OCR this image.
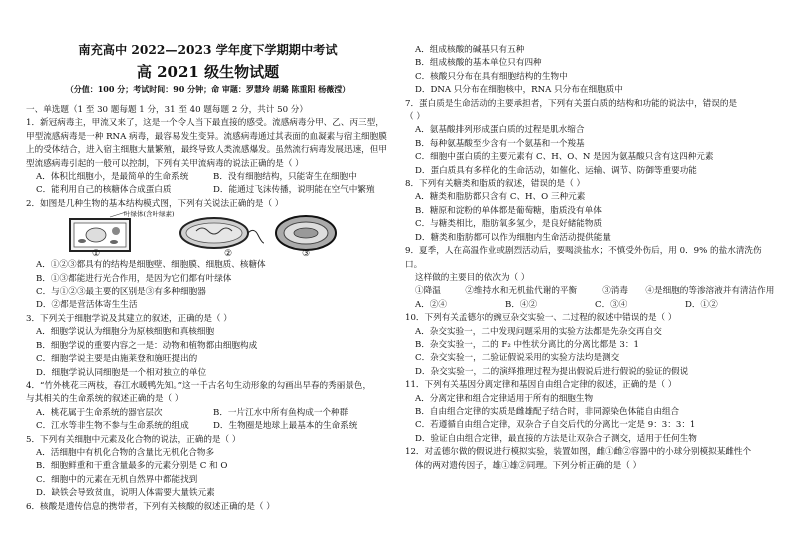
南充高中 2022—2023 学年度下学期期中考试
高 2021 级生物试题
（分值：100 分；考试时间：90 分钟；命 审题：罗慧玲 胡璐 陈重阳 杨薇滢）
一、单选题（1 至 30 题每题 1 分，31 至 40 题每题 2 分，共计 50 分）
1．新冠病毒主，甲流又来了，这是一个令人当下最直接的感受。流感病毒分甲、乙、丙三型，
甲型流感病毒是一种 RNA 病毒，最容易发生变异。流感病毒通过其表面的血凝素与宿主细胞膜
上的受体结合，进入宿主细胞大量繁殖，最终导致人类流感爆发。虽然流行病毒发展迅速，但甲
型流感病毒引起的一般可以控制，下列有关甲流病毒的说法正确的是（ ）
A．体积比细胞小，是最简单的生命系统	B．没有细胞结构，只能寄生在细胞中
C．能利用自己的核糖体合成蛋白质	D．能通过飞沫传播，说明能在空气中繁殖
2．如图是几种生物的基本结构模式图，下列有关说法正确的是（ ）
叶绿体(含叶绿素)
②
①	③
A．①②③都具有的结构是细胞壁、细胞膜、细胞质、核糖体
B．①③都能进行光合作用，是因为它们都有叶绿体
C．与①②③最主要的区别是③有多种细胞器
D．②都是营活体寄生生活
3．下列关于细胞学说及其建立的叙述，正确的是（ ）
A．细胞学说认为细胞分为原核细胞和真核细胞
B．细胞学说的重要内容之一是：动物和植物都由细胞构成
C．细胞学说主要是由施莱登和施旺提出的
D．细胞学说认同细胞是一个相对独立的单位
4．“竹外桃花三两枝，春江水暖鸭先知。”这一千古名句生动形象的勾画出早春的秀丽景色，
与其相关的生命系统的叙述正确的是（ ）
A．桃花属于生命系统的器官层次	B．一片江水中所有鱼构成一个种群
C．江水等非生物不参与生命系统的组成	D．生物圈是地球上最基本的生命系统
5．下列有关细胞中元素及化合物的说法，正确的是（ ）
A．活细胞中有机化合物的含量比无机化合物多
B．细胞鲜重和干重含量最多的元素分别是 C 和 O
C．细胞中的元素在无机自然界中都能找到
D．缺铁会导致贫血，说明人体需要大量铁元素
6．核酸是遗传信息的携带者，下列有关核酸的叙述正确的是（ ）
A．组成核酸的碱基只有五种
B．组成核酸的基本单位只有四种
C．核酸只分布在具有细胞结构的生物中
D．DNA 只分布在细胞核中，RNA 只分布在细胞质中
7．蛋白质是生命活动的主要承担者，下列有关蛋白质的结构和功能的说法中，错误的是
（ ）
A．氨基酸排列形成蛋白质的过程是肌水缩合
B．每种氨基酸至少含有一个氨基和一个羧基
C．细胞中蛋白质的主要元素有 C、H、O、N 是因为氨基酸只含有这四种元素
D．蛋白质具有多样化的生命活动，如催化、运输、调节、防御等重要功能
8．下列有关糖类和脂质的叙述，错误的是（ ）
A．糖类和脂肪都只含有 C、H、O 三种元素
B．糖原和淀粉的单体都是葡萄糖，脂质没有单体
C．与糖类相比，脂肪氧多氢少，是良好储能物质
D．糖类和脂肪都可以作为细胞内生命活动提供能量
9．夏季，人在高温作业或剧烈活动后，要喝淡盐水；不慎受外伤后，用 0．9% 的盐水清洗伤
口。
这样做的主要目的依次为（ ）
①降温	②维持水和无机盐代谢的平衡	③消毒	④是细胞的等渗溶液并有清洁作用
A．②④	B．④②	C．③④	D．①②
10．下列有关孟德尔的豌豆杂交实验一、二过程的叙述中错误的是（ ）
A．杂交实验一，二中发现问题采用的实验方法都是先杂交再自交
B．杂交实验一，二的 F₂ 中性状分离比的分离比都是 3：1
C．杂交实验一，二验证假说采用的实验方法均是测交
D．杂交实验一，二的演绎推理过程为提出假说后进行假说的验证的假说
11．下列有关基因分离定律和基因自由组合定律的叙述，正确的是（ ）
A．分离定律和组合定律适用于所有的细胞生物
B．自由组合定律的实质是雌雄配子结合时，非同源染色体能自由组合
C．若遵循自由组合定律，双杂合子自交后代的分离比一定是 9：3：3：1
D．验证自由组合定律，最直接的方法是让双杂合子测交，适用于任何生物
12．对孟德尔做的假说进行模拟实验，装置如图，雌①雌②容器中的小球分别模拟某雌性个
体的两对遗传因子，雄①雄②同理。下列分析正确的是（ ）
